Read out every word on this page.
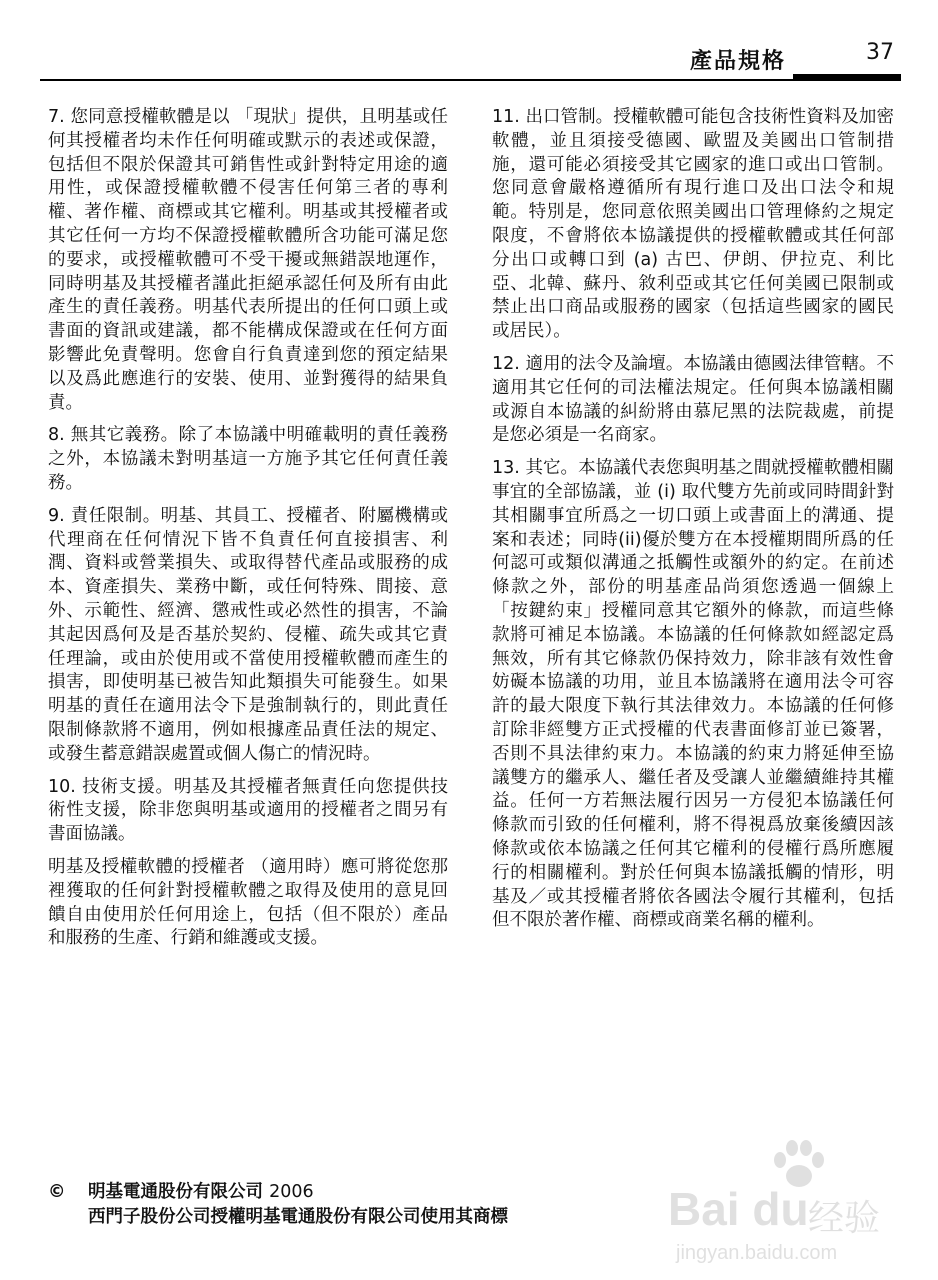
產品規格	37

7. 您同意授權軟體是以 「現狀」提供，且明基或任何其授權者均未作任何明確或默示的表述或保證，包括但不限於保證其可銷售性或針對特定用途的適用性，或保證授權軟體不侵害任何第三者的專利權、著作權、商標或其它權利。明基或其授權者或其它任何一方均不保證授權軟體所含功能可滿足您的要求，或授權軟體可不受干擾或無錯誤地運作，同時明基及其授權者謹此拒絕承認任何及所有由此產生的責任義務。明基代表所提出的任何口頭上或書面的資訊或建議，都不能構成保證或在任何方面影響此免責聲明。您會自行負責達到您的預定結果以及爲此應進行的安裝、使用、並對獲得的結果負責。

8. 無其它義務。除了本協議中明確載明的責任義務之外，本協議未對明基這一方施予其它任何責任義務。

9. 責任限制。明基、其員工、授權者、附屬機構或代理商在任何情況下皆不負責任何直接損害、利潤、資料或營業損失、或取得替代產品或服務的成本、資產損失、業務中斷，或任何特殊、間接、意外、示範性、經濟、懲戒性或必然性的損害，不論其起因爲何及是否基於契約、侵權、疏失或其它責任理論，或由於使用或不當使用授權軟體而產生的損害，即使明基已被告知此類損失可能發生。如果明基的責任在適用法令下是強制執行的，則此責任限制條款將不適用，例如根據產品責任法的規定、或發生蓄意錯誤處置或個人傷亡的情況時。

10. 技術支援。明基及其授權者無責任向您提供技術性支援，除非您與明基或適用的授權者之間另有書面協議。

明基及授權軟體的授權者 （適用時）應可將從您那裡獲取的任何針對授權軟體之取得及使用的意見回饋自由使用於任何用途上，包括（但不限於）產品和服務的生產、行銷和維護或支援。

11. 出口管制。授權軟體可能包含技術性資料及加密軟體，並且須接受德國、歐盟及美國出口管制措施，還可能必須接受其它國家的進口或出口管制。您同意會嚴格遵循所有現行進口及出口法令和規範。特別是，您同意依照美國出口管理條約之規定限度，不會將依本協議提供的授權軟體或其任何部分出口或轉口到 (a) 古巴、伊朗、伊拉克、利比亞、北韓、蘇丹、敘利亞或其它任何美國已限制或禁止出口商品或服務的國家（包括這些國家的國民或居民）。

12. 適用的法令及論壇。本協議由德國法律管轄。不適用其它任何的司法權法規定。任何與本協議相關或源自本協議的糾紛將由慕尼黑的法院裁處，前提是您必須是一名商家。

13. 其它。本協議代表您與明基之間就授權軟體相關事宜的全部協議，並 (i) 取代雙方先前或同時間針對其相關事宜所爲之一切口頭上或書面上的溝通、提案和表述；同時(ii)優於雙方在本授權期間所爲的任何認可或類似溝通之抵觸性或額外的約定。在前述條款之外，部份的明基產品尚須您透過一個線上「按鍵約束」授權同意其它額外的條款，而這些條款將可補足本協議。本協議的任何條款如經認定爲無效，所有其它條款仍保持效力，除非該有效性會妨礙本協議的功用，並且本協議將在適用法令可容許的最大限度下執行其法律效力。本協議的任何修訂除非經雙方正式授權的代表書面修訂並已簽署，否則不具法律約束力。本協議的約束力將延伸至協議雙方的繼承人、繼任者及受讓人並繼續維持其權益。任何一方若無法履行因另一方侵犯本協議任何條款而引致的任何權利，將不得視爲放棄後續因該條款或依本協議之任何其它權利的侵權行爲所應履行的相關權利。對於任何與本協議抵觸的情形，明基及／或其授權者將依各國法令履行其權利，包括但不限於著作權、商標或商業名稱的權利。

© 明基電通股份有限公司 2006
西門子股份公司授權明基電通股份有限公司使用其商標	Bai du 经验
jingyan.baidu.com
